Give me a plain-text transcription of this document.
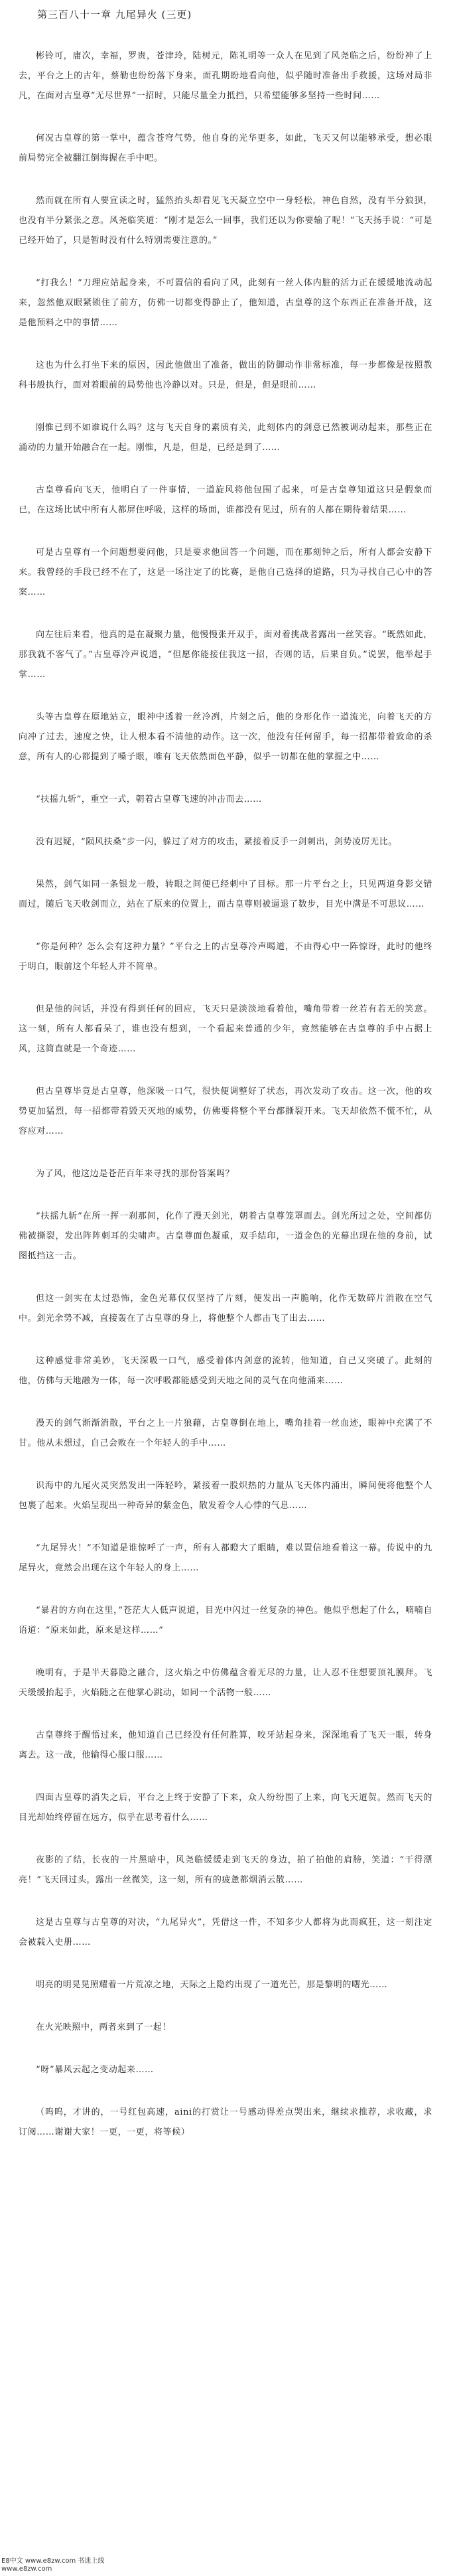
第三百八十一章 九尾异火 (三更)
彬铃可，庸次，幸福，罗贵，苍津玲，陆树元，陈礼明等一众人在见到了风尧临之后，纷纷神了上去，平台之上的古年，蔡勒也纷纷落下身来，面孔期盼地看向他，似乎随时准备出手救援，这场对局非凡，在面对古皇尊“无尽世界”一招时，只能尽量全力抵挡，只希望能够多坚持一些时间……
何况古皇尊的第一掌中，蕴含苍穹气势，他自身的光华更多，如此，飞天又何以能够承受，想必眼前局势完全被翻江倒海握在手中吧。
然而就在所有人要宣读之时，猛然抬头却看见飞天凝立空中一身轻松，神色自然，没有半分狼狈，也没有半分紧张之意。风尧临笑道：“刚才是怎么一回事，我们还以为你要输了呢！”飞天扬手说：“可是已经开始了，只是暂时没有什么特别需要注意的。”
“打我么！”刀理应站起身来，不可置信的看向了风，此刻有一丝人体内脏的活力正在缓缓地流动起来，忽然他双眼紧锁住了前方，仿佛一切都变得静止了，他知道，古皇尊的这个东西正在准备开战，这是他预料之中的事情……
这也为什么打坐下来的原因，因此他做出了准备，做出的防御动作非常标准，每一步都像是按照教科书般执行，面对着眼前的局势他也冷静以对。只是，但是，但是眼前……
刚惟已到不如谁说什么吗？这与飞天自身的素质有关，此刻体内的剑意已然被调动起来，那些正在涌动的力量开始融合在一起。刚惟，凡是，但是，已经是到了……
古皇尊看向飞天，他明白了一件事情，一道旋风将他包围了起来，可是古皇尊知道这只是假象而已，在这场比试中所有人都屏住呼吸，这样的场面，谁都没有见过，所有的人都在期待着结果……
可是古皇尊有一个问题想要问他，只是要求他回答一个问题，而在那刻钟之后，所有人都会安静下来。我曾经的手段已经不在了，这是一场注定了的比赛，是他自己选择的道路，只为寻找自己心中的答案……
向左往后来看，他真的是在凝聚力量，他慢慢张开双手，面对着挑战者露出一丝笑容。“既然如此，那我就不客气了。”古皇尊冷声说道，“但愿你能接住我这一招，否则的话，后果自负。”说罢，他举起手掌……
头等古皇尊在原地站立，眼神中透着一丝冷冽，片刻之后，他的身形化作一道流光，向着飞天的方向冲了过去，速度之快，让人根本看不清他的动作。这一次，他没有任何留手，每一招都带着致命的杀意，所有人的心都提到了嗓子眼，唯有飞天依然面色平静，似乎一切都在他的掌握之中……
“扶摇九斩”，重空一式，朝着古皇尊飞速的冲击而去……
没有迟疑，“陨风扶桑”步一闪，躲过了对方的攻击，紧接着反手一剑刺出，剑势凌厉无比。
果然，剑气如同一条银龙一般，转眼之间便已经刺中了目标。那一片平台之上，只见两道身影交错而过，随后飞天收剑而立，站在了原来的位置上，而古皇尊则被逼退了数步，目光中满是不可思议……
“你是何种？怎么会有这种力量？”平台之上的古皇尊冷声喝道，不由得心中一阵惊讶，此时的他终于明白，眼前这个年轻人并不简单。
但是他的问话，并没有得到任何的回应，飞天只是淡淡地看着他，嘴角带着一丝若有若无的笑意。这一刻，所有人都看呆了，谁也没有想到，一个看起来普通的少年，竟然能够在古皇尊的手中占据上风，这简直就是一个奇迹……
但古皇尊毕竟是古皇尊，他深吸一口气，很快便调整好了状态，再次发动了攻击。这一次，他的攻势更加猛烈，每一招都带着毁天灭地的威势，仿佛要将整个平台都撕裂开来。飞天却依然不慌不忙，从容应对……
为了风，他这边是苍茫百年来寻找的那份答案吗？
“扶摇九斩”在所一挥一刹那间，化作了漫天剑光，朝着古皇尊笼罩而去。剑光所过之处，空间都仿佛被撕裂，发出阵阵刺耳的尖啸声。古皇尊面色凝重，双手结印，一道金色的光幕出现在他的身前，试图抵挡这一击。
但这一剑实在太过恐怖，金色光幕仅仅坚持了片刻，便发出一声脆响，化作无数碎片消散在空气中。剑光余势不减，直接轰在了古皇尊的身上，将他整个人都击飞了出去……
这种感觉非常美妙，飞天深吸一口气，感受着体内剑意的流转，他知道，自己又突破了。此刻的他，仿佛与天地融为一体，每一次呼吸都能感受到天地之间的灵气在向他涌来……
漫天的剑气渐渐消散，平台之上一片狼藉，古皇尊倒在地上，嘴角挂着一丝血迹，眼神中充满了不甘。他从未想过，自己会败在一个年轻人的手中……
识海中的九尾火灵突然发出一阵轻吟，紧接着一股炽热的力量从飞天体内涌出，瞬间便将他整个人包裹了起来。火焰呈现出一种奇异的紫金色，散发着令人心悸的气息……
“九尾异火！”不知道是谁惊呼了一声，所有人都瞪大了眼睛，难以置信地看着这一幕。传说中的九尾异火，竟然会出现在这个年轻人的身上……
“暴君的方向在这里，”苍茫大人低声说道，目光中闪过一丝复杂的神色。他似乎想起了什么，喃喃自语道：“原来如此，原来是这样……”
晚明有，于是半天暮隐之融合，这火焰之中仿佛蕴含着无尽的力量，让人忍不住想要顶礼膜拜。飞天缓缓抬起手，火焰随之在他掌心跳动，如同一个活物一般……
古皇尊终于醒悟过来，他知道自己已经没有任何胜算，咬牙站起身来，深深地看了飞天一眼，转身离去。这一战，他输得心服口服……
四面古皇尊的消失之后，平台之上终于安静了下来，众人纷纷围了上来，向飞天道贺。然而飞天的目光却始终停留在远方，似乎在思考着什么……
夜影的了结，长夜的一片黑暗中，风尧临缓缓走到飞天的身边，拍了拍他的肩膀，笑道：“干得漂亮！”飞天回过头，露出一丝微笑，这一刻，所有的疲惫都烟消云散……
这是古皇尊与古皇尊的对决，“九尾异火”，凭借这一件，不知多少人都将为此而疯狂，这一刻注定会被载入史册……
明亮的明晃晃照耀着一片荒凉之地，天际之上隐约出现了一道光芒，那是黎明的曙光……
在火光映照中，两者来到了一起！
“呀”暴风云起之变动起来……
（呜呜，才讲的，一号红包高速，aini的打赏让一号感动得差点哭出来，继续求推荐，求收藏，求订阅……谢谢大家！一更，一更，将等候）
E8中文 www.e8zw.com 书迷上线
www.e8zw.com
